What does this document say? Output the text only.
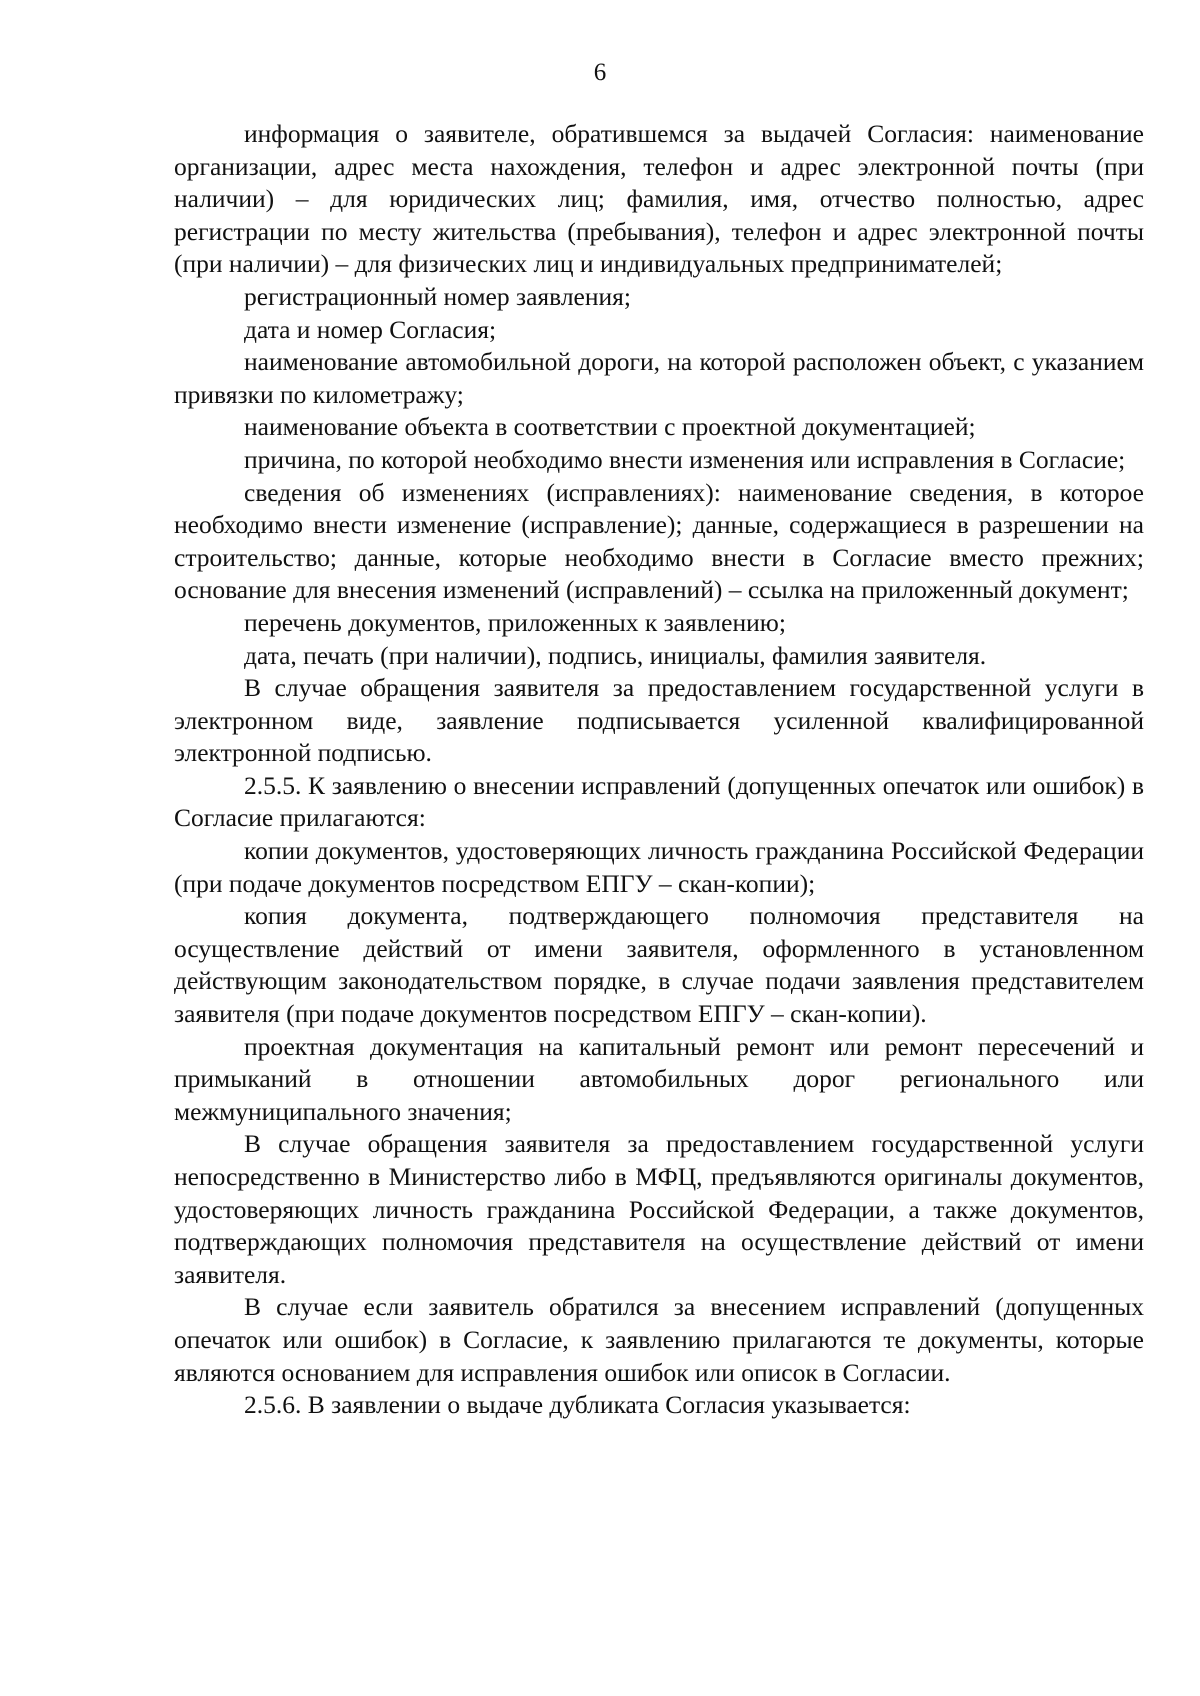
6

информация о заявителе, обратившемся за выдачей Согласия: наименование организации, адрес места нахождения, телефон и адрес электронной почты (при наличии) – для юридических лиц; фамилия, имя, отчество полностью, адрес регистрации по месту жительства (пребывания), телефон и адрес электронной почты (при наличии) – для физических лиц и индивидуальных предпринимателей;

регистрационный номер заявления;

дата и номер Согласия;

наименование автомобильной дороги, на которой расположен объект, с указанием привязки по километражу;

наименование объекта в соответствии с проектной документацией;

причина, по которой необходимо внести изменения или исправления в Согласие;

сведения об изменениях (исправлениях): наименование сведения, в которое необходимо внести изменение (исправление); данные, содержащиеся в разрешении на строительство; данные, которые необходимо внести в Согласие вместо прежних; основание для внесения изменений (исправлений) – ссылка на приложенный документ;

перечень документов, приложенных к заявлению;

дата, печать (при наличии), подпись, инициалы, фамилия заявителя.

В случае обращения заявителя за предоставлением государственной услуги в электронном виде, заявление подписывается усиленной квалифицированной электронной подписью.

2.5.5. К заявлению о внесении исправлений (допущенных опечаток или ошибок) в Согласие прилагаются:

копии документов, удостоверяющих личность гражданина Российской Федерации (при подаче документов посредством ЕПГУ – скан-копии);

копия документа, подтверждающего полномочия представителя на осуществление действий от имени заявителя, оформленного в установленном действующим законодательством порядке, в случае подачи заявления представителем заявителя (при подаче документов посредством ЕПГУ – скан-копии).

проектная документация на капитальный ремонт или ремонт пересечений и примыканий в отношении автомобильных дорог регионального или межмуниципального значения;

В случае обращения заявителя за предоставлением государственной услуги непосредственно в Министерство либо в МФЦ, предъявляются оригиналы документов, удостоверяющих личность гражданина Российской Федерации, а также документов, подтверждающих полномочия представителя на осуществление действий от имени заявителя.

В случае если заявитель обратился за внесением исправлений (допущенных опечаток или ошибок) в Согласие, к заявлению прилагаются те документы, которые являются основанием для исправления ошибок или описок в Согласии.

2.5.6. В заявлении о выдаче дубликата Согласия указывается:
